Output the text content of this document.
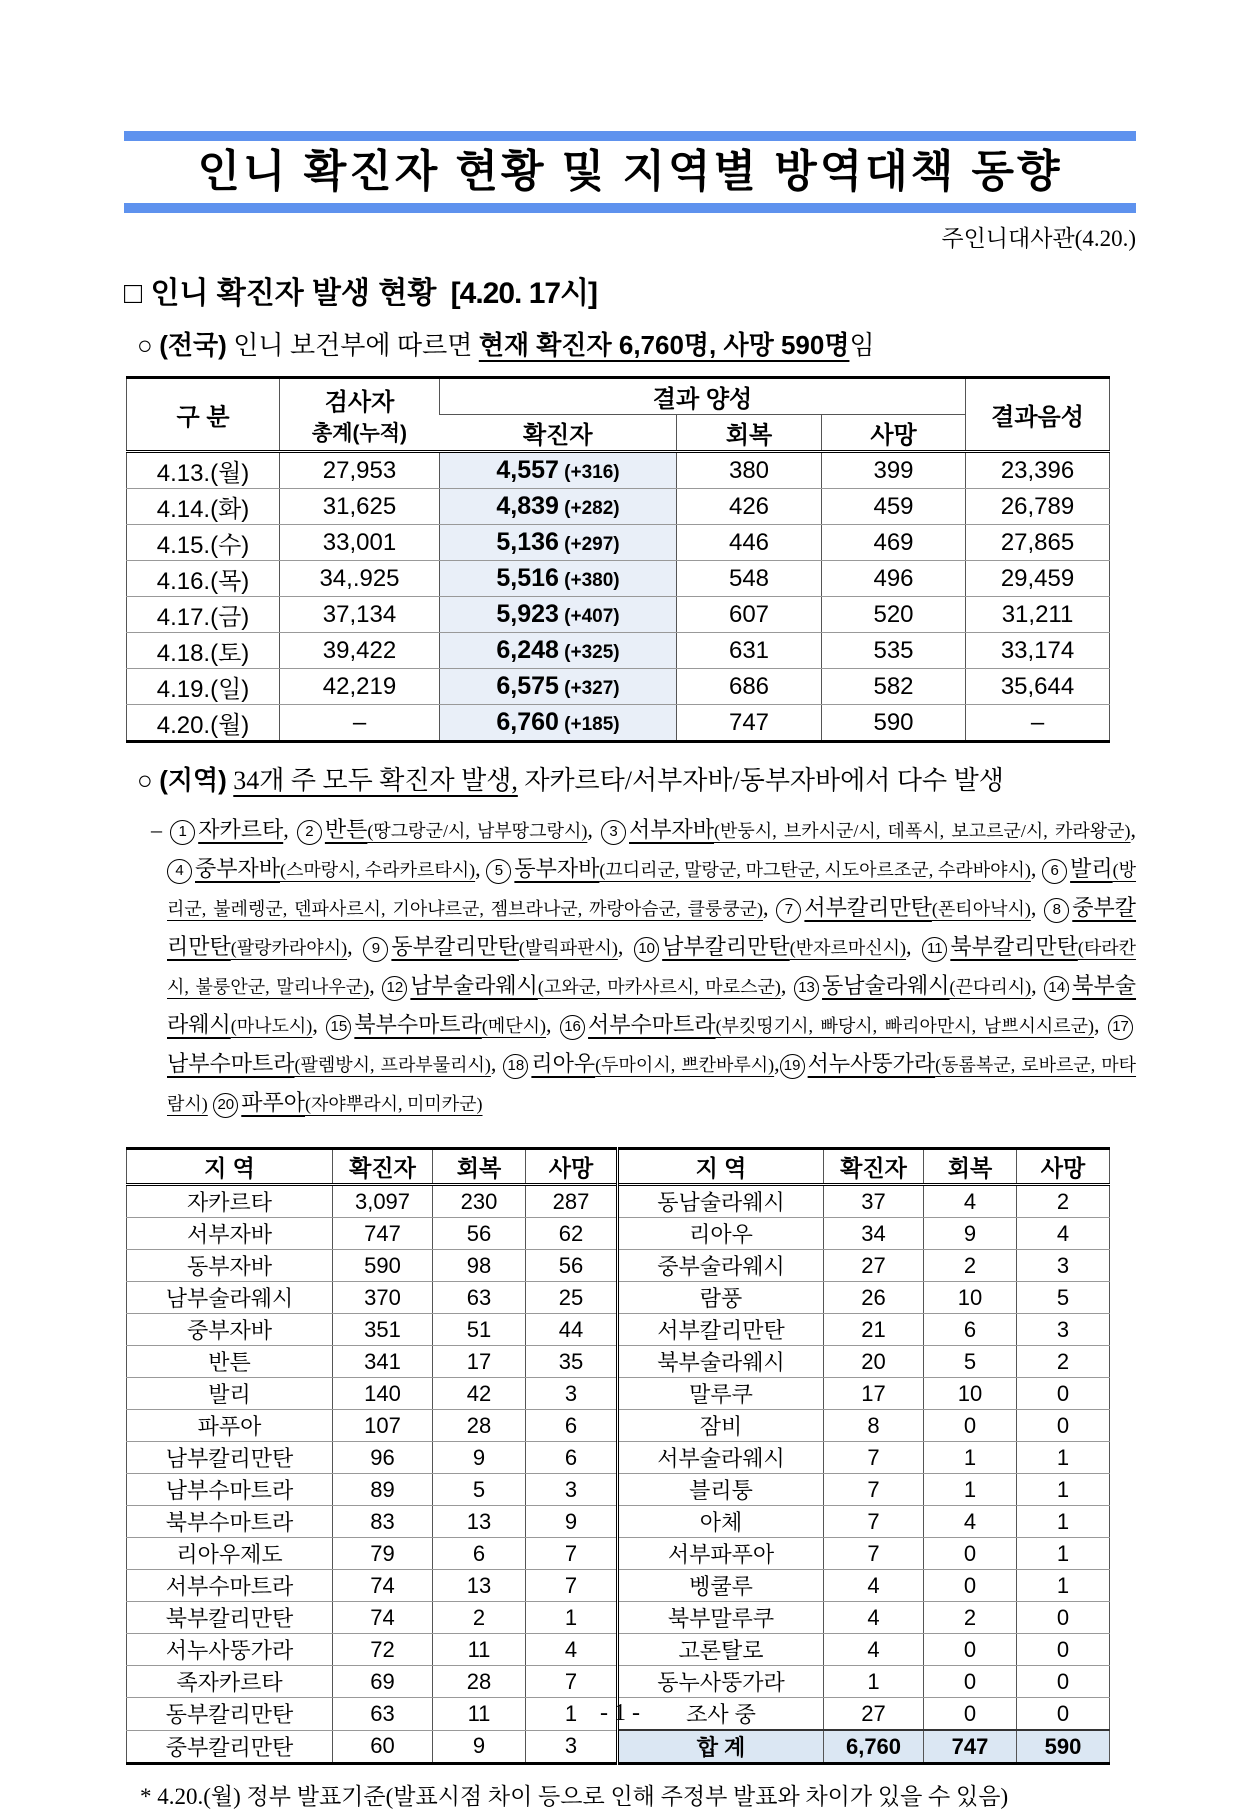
인니 확진자 현황 및 지역별 방역대책 동향
주인니대사관(4.20.)
□ 인니 확진자 발생 현황 [4.20. 17시]
○ (전국) 인니 보건부에 따르면 현재 확진자 6,760명, 사망 590명임
구 분	검사자
총계(누적)	결과 양성			결과음성
		확진자	회복	사망	
4.13.(월)	27,953	4,557 (+316)	380	399	23,396
4.14.(화)	31,625	4,839 (+282)	426	459	26,789
4.15.(수)	33,001	5,136 (+297)	446	469	27,865
4.16.(목)	34,.925	5,516 (+380)	548	496	29,459
4.17.(금)	37,134	5,923 (+407)	607	520	31,211
4.18.(토)	39,422	6,248 (+325)	631	535	33,174
4.19.(일)	42,219	6,575 (+327)	686	582	35,644
4.20.(월)	–	6,760 (+185)	747	590	–
○ (지역) 34개 주 모두 확진자 발생, 자카르타/서부자바/동부자바에서 다수 발생
– 1 자카르타, 2 반튼(땅그랑군/시, 남부땅그랑시), 3 서부자바(반둥시, 브카시군/시, 데폭시, 보고르군/시, 카라왕군), 4 중부자바(스마랑시, 수라카르타시), 5 동부자바(끄디리군, 말랑군, 마그탄군, 시도아르조군, 수라바야시), 6 발리(방리군, 불레렝군, 덴파사르시, 기아냐르군, 젬브라나군, 까랑아슴군, 클룽쿵군), 7 서부칼리만탄(폰티아낙시), 8 중부칼리만탄(팔랑카라야시), 9 동부칼리만탄(발릭파판시), 10 남부칼리만탄(반자르마신시), 11 북부칼리만탄(타라칸시, 불룽안군, 말리나우군), 12 남부술라웨시(고와군, 마카사르시, 마로스군), 13 동남술라웨시(끈다리시), 14 북부술라웨시(마나도시), 15 북부수마트라(메단시), 16 서부수마트라(부킷띵기시, 빠당시, 빠리아만시, 남쁘시시르군), 17남부수마트라(팔렘방시, 프라부물리시), 18 리아우(두마이시, 쁘칸바루시), 19 서누사뚱가라(동롬복군, 로바르군, 마타람시) 20 파푸아(자야뿌라시, 미미카군)
지 역	확진자	회복	사망	지 역	확진자	회복	사망
자카르타	3,097	230	287	동남술라웨시	37	4	2
서부자바	747	56	62	리아우	34	9	4
동부자바	590	98	56	중부술라웨시	27	2	3
남부술라웨시	370	63	25	람풍	26	10	5
중부자바	351	51	44	서부칼리만탄	21	6	3
반튼	341	17	35	북부술라웨시	20	5	2
발리	140	42	3	말루쿠	17	10	0
파푸아	107	28	6	잠비	8	0	0
남부칼리만탄	96	9	6	서부술라웨시	7	1	1
남부수마트라	89	5	3	블리퉁	7	1	1
북부수마트라	83	13	9	아체	7	4	1
리아우제도	79	6	7	서부파푸아	7	0	1
서부수마트라	74	13	7	벵쿨루	4	0	1
북부칼리만탄	74	2	1	북부말루쿠	4	2	0
서누사뚱가라	72	11	4	고론탈로	4	0	0
족자카르타	69	28	7	동누사뚱가라	1	0	0
동부칼리만탄	63	11	1	조사 중	27	0	0
중부칼리만탄	60	9	3	합 계	6,760	747	590
* 4.20.(월) 정부 발표기준(발표시점 차이 등으로 인해 주정부 발표와 차이가 있을 수 있음)
- 1 -
